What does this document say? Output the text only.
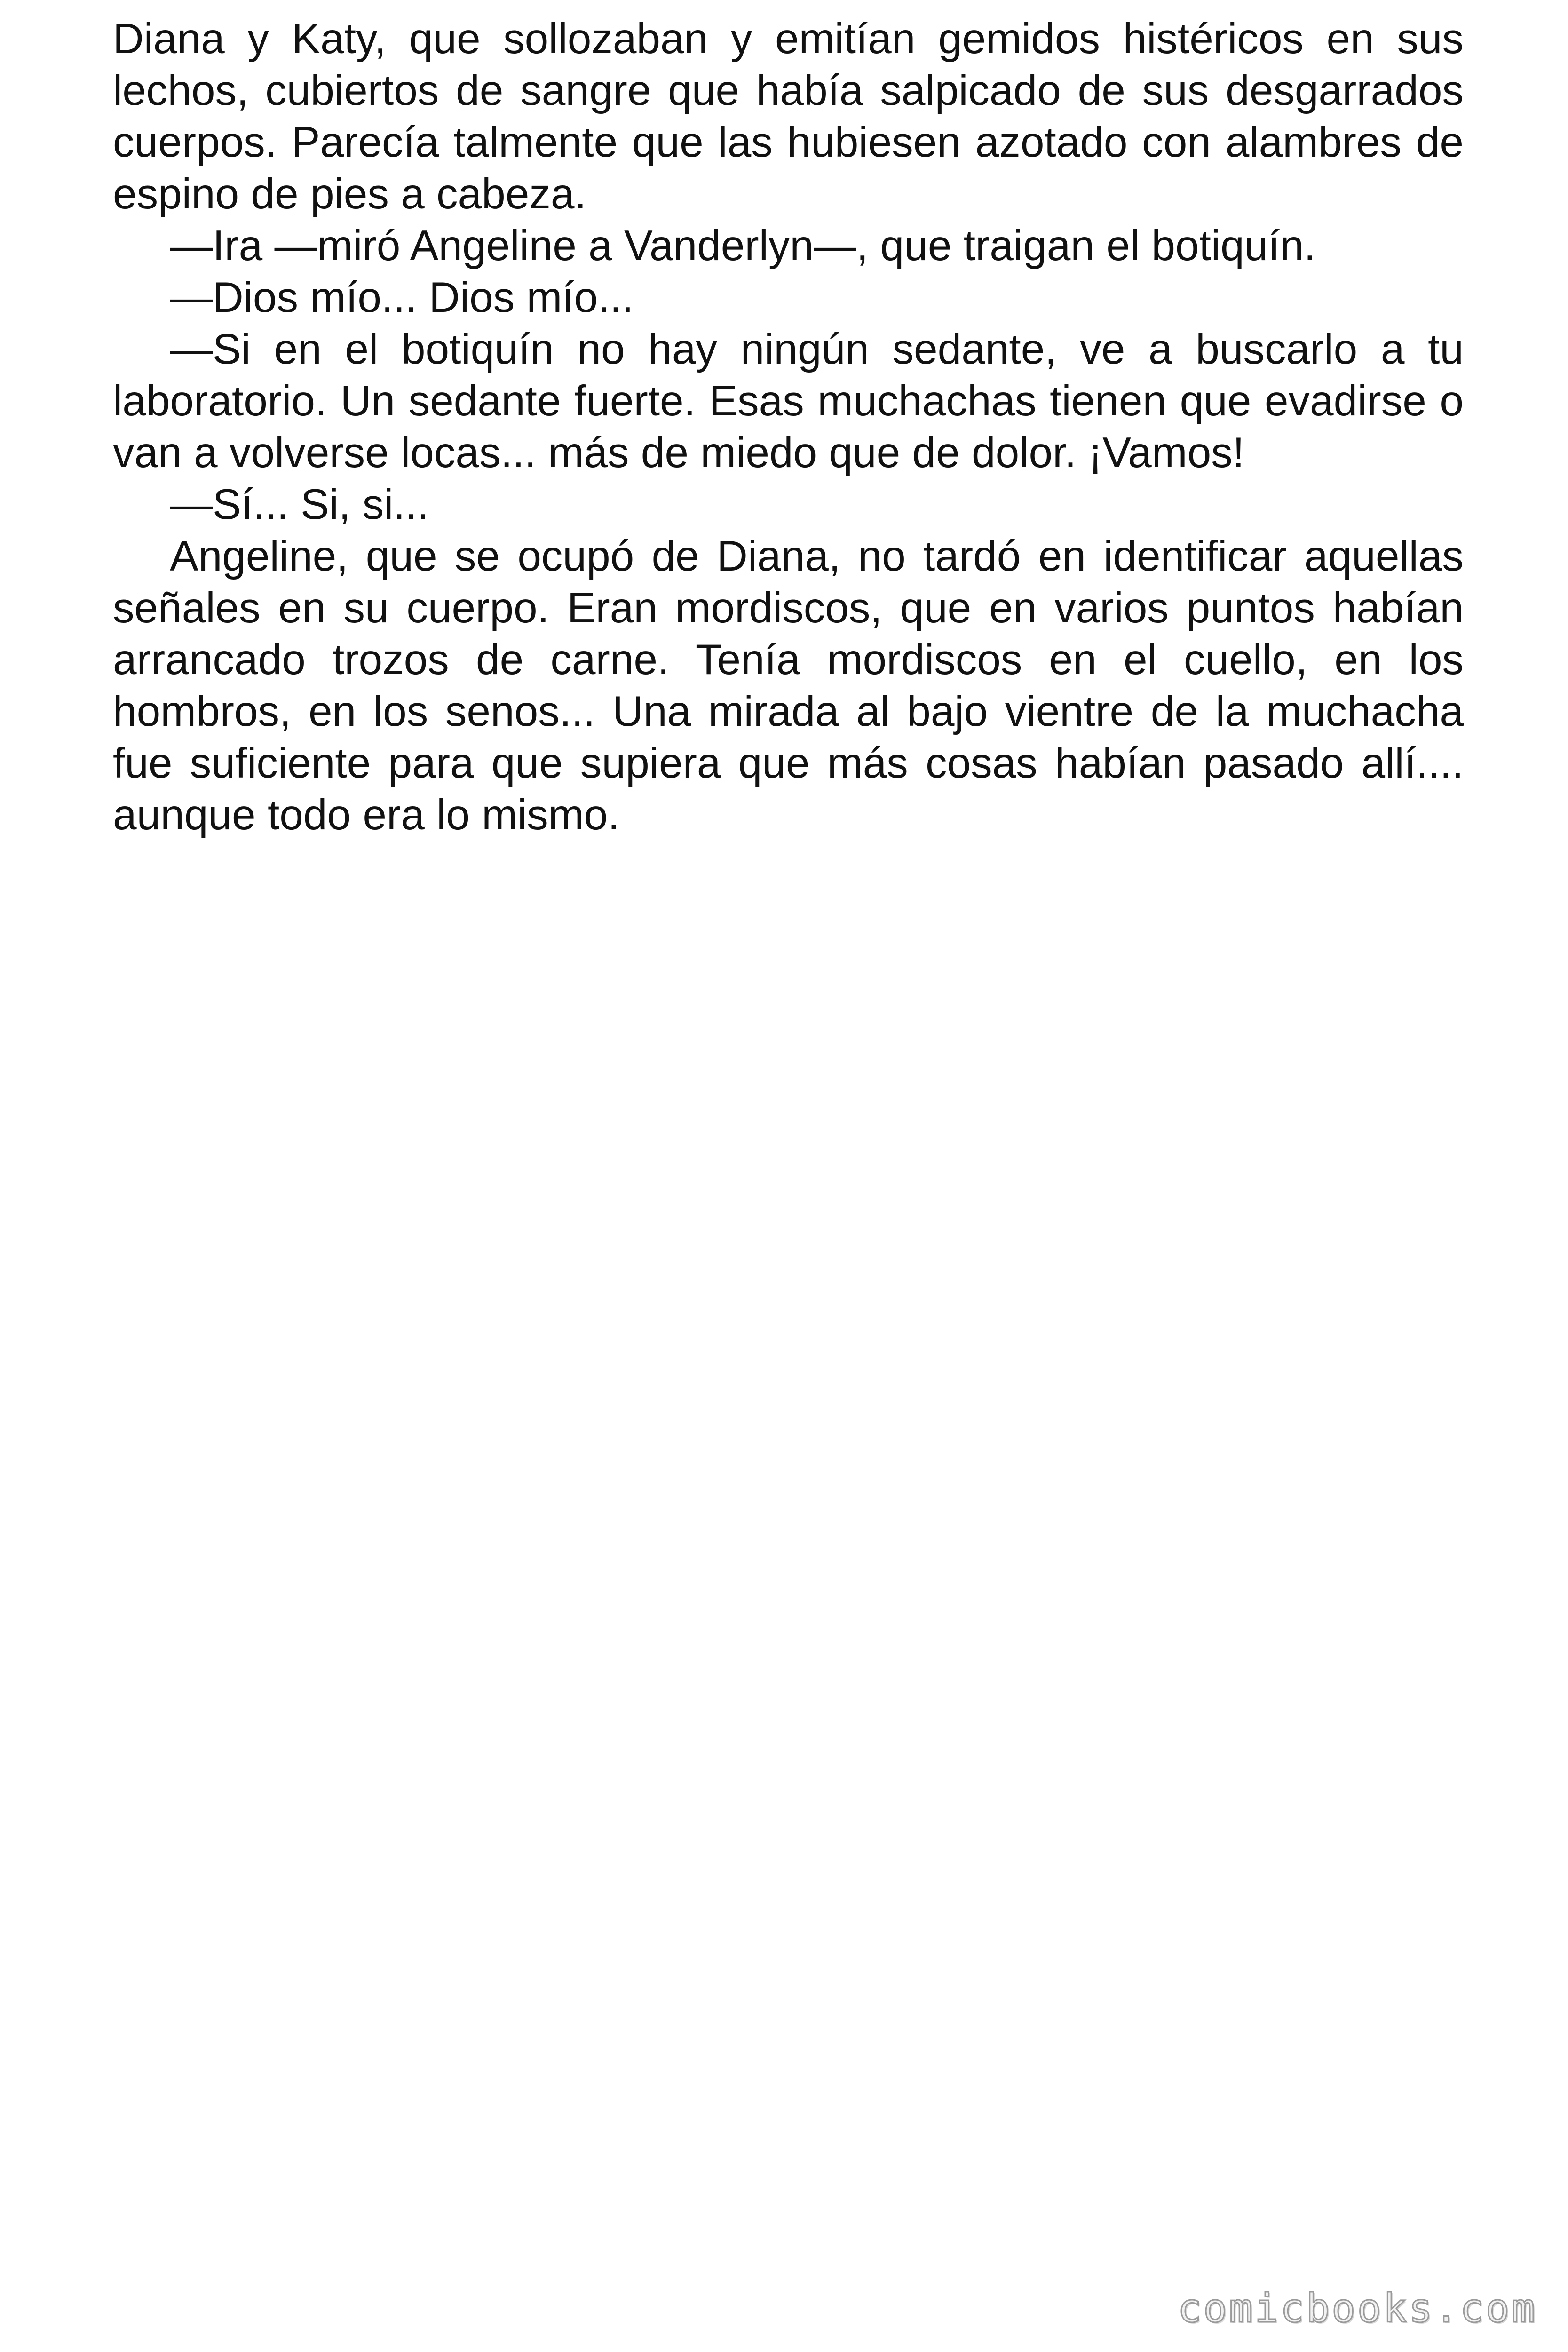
Diana y Katy, que sollozaban y emitían gemidos histéricos en sus lechos, cubiertos de sangre que había salpicado de sus desgarrados cuerpos. Parecía talmente que las hubiesen azotado con alambres de espino de pies a cabeza.

—Ira —miró Angeline a Vanderlyn—, que traigan el botiquín.

—Dios mío... Dios mío...

—Si en el botiquín no hay ningún sedante, ve a buscarlo a tu laboratorio. Un sedante fuerte. Esas muchachas tienen que evadirse o van a volverse locas... más de miedo que de dolor. ¡Vamos!

—Sí... Si, si...

Angeline, que se ocupó de Diana, no tardó en identificar aquellas señales en su cuerpo. Eran mordiscos, que en varios puntos habían arrancado trozos de carne. Tenía mordiscos en el cuello, en los hombros, en los senos... Una mirada al bajo vientre de la muchacha fue suficiente para que supiera que más cosas habían pasado allí.... aunque todo era lo mismo.

comicbooks.com
